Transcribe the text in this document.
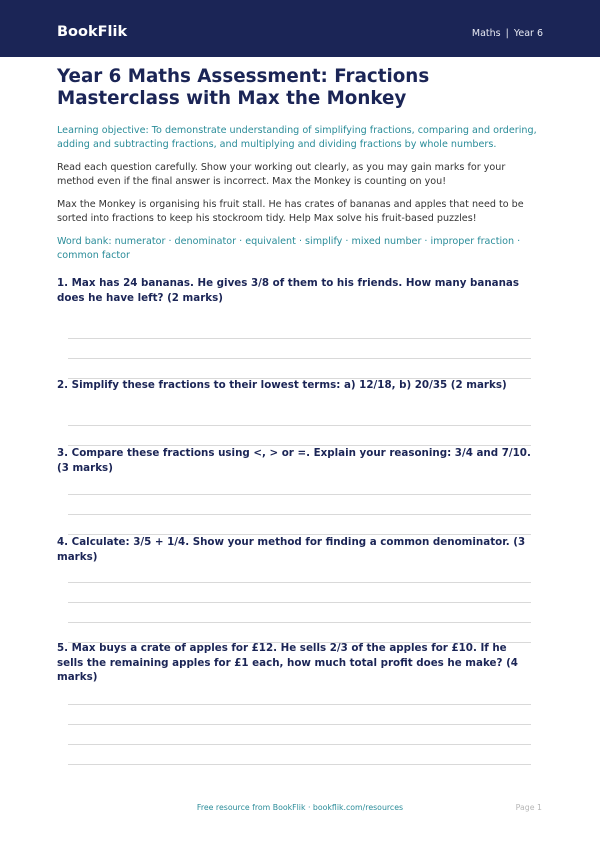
BookFlik	Maths | Year 6
Year 6 Maths Assessment: Fractions Masterclass with Max the Monkey
Learning objective: To demonstrate understanding of simplifying fractions, comparing and ordering, adding and subtracting fractions, and multiplying and dividing fractions by whole numbers.
Read each question carefully. Show your working out clearly, as you may gain marks for your method even if the final answer is incorrect. Max the Monkey is counting on you!
Max the Monkey is organising his fruit stall. He has crates of bananas and apples that need to be sorted into fractions to keep his stockroom tidy. Help Max solve his fruit-based puzzles!
Word bank: numerator · denominator · equivalent · simplify · mixed number · improper fraction · common factor
1. Max has 24 bananas. He gives 3/8 of them to his friends. How many bananas does he have left? (2 marks)
2. Simplify these fractions to their lowest terms: a) 12/18, b) 20/35 (2 marks)
3. Compare these fractions using <, > or =. Explain your reasoning: 3/4 and 7/10. (3 marks)
4. Calculate: 3/5 + 1/4. Show your method for finding a common denominator. (3 marks)
5. Max buys a crate of apples for £12. He sells 2/3 of the apples for £10. If he sells the remaining apples for £1 each, how much total profit does he make? (4 marks)
Free resource from BookFlik · bookflik.com/resources	Page 1
